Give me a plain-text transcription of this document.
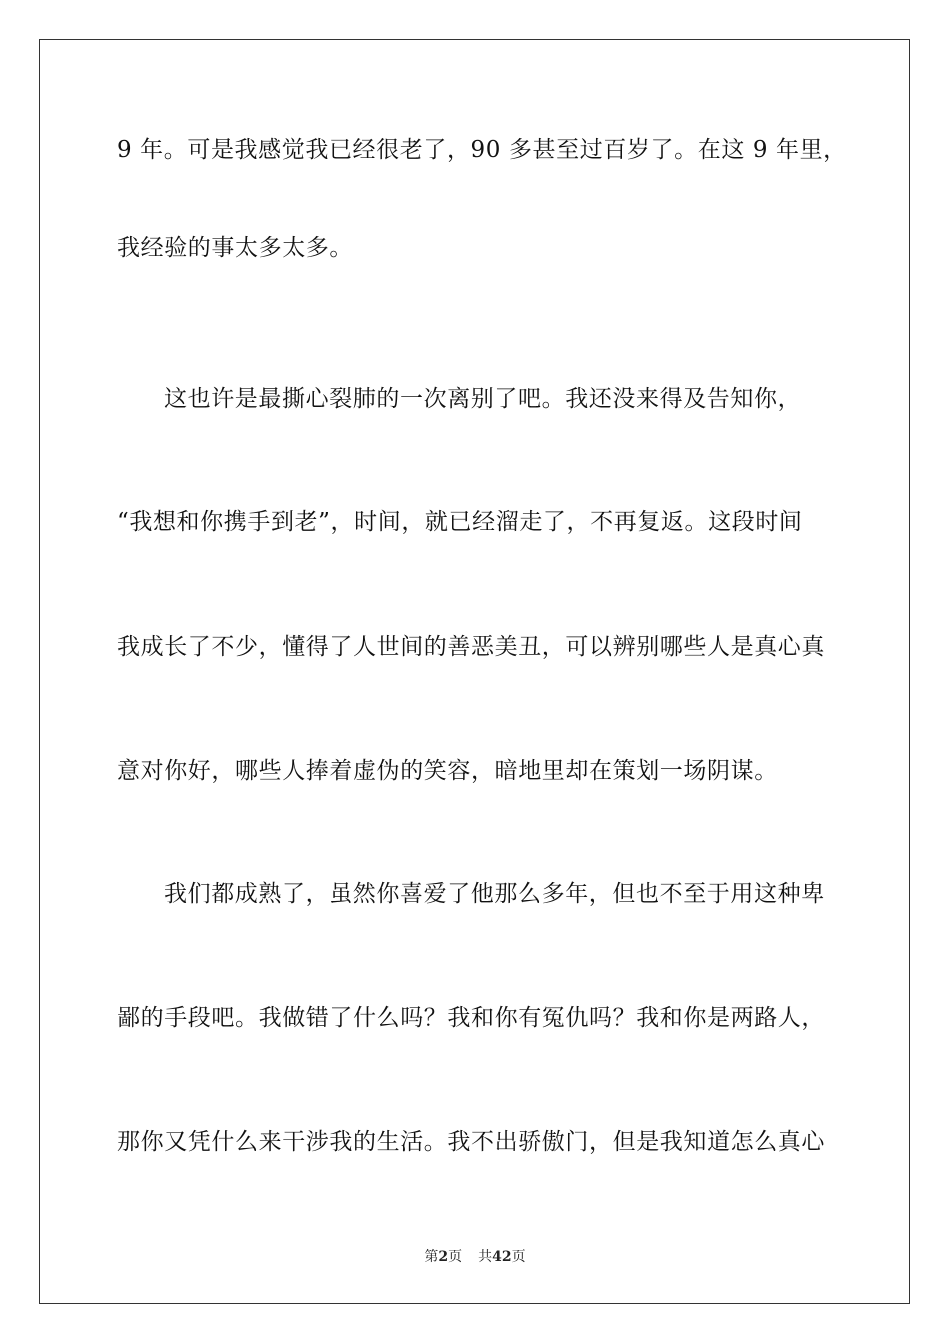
9 年。可是我感觉我已经很老了，90 多甚至过百岁了。在这 9 年里，
我经验的事太多太多。
这也许是最撕心裂肺的一次离别了吧。我还没来得及告知你，
“我想和你携手到老”，时间，就已经溜走了，不再复返。这段时间
我成长了不少，懂得了人世间的善恶美丑，可以辨别哪些人是真心真
意对你好，哪些人捧着虚伪的笑容，暗地里却在策划一场阴谋。
我们都成熟了，虽然你喜爱了他那么多年，但也不至于用这种卑
鄙的手段吧。我做错了什么吗？我和你有冤仇吗？我和你是两路人，
那你又凭什么来干涉我的生活。我不出骄傲门，但是我知道怎么真心
第2页 共42页
